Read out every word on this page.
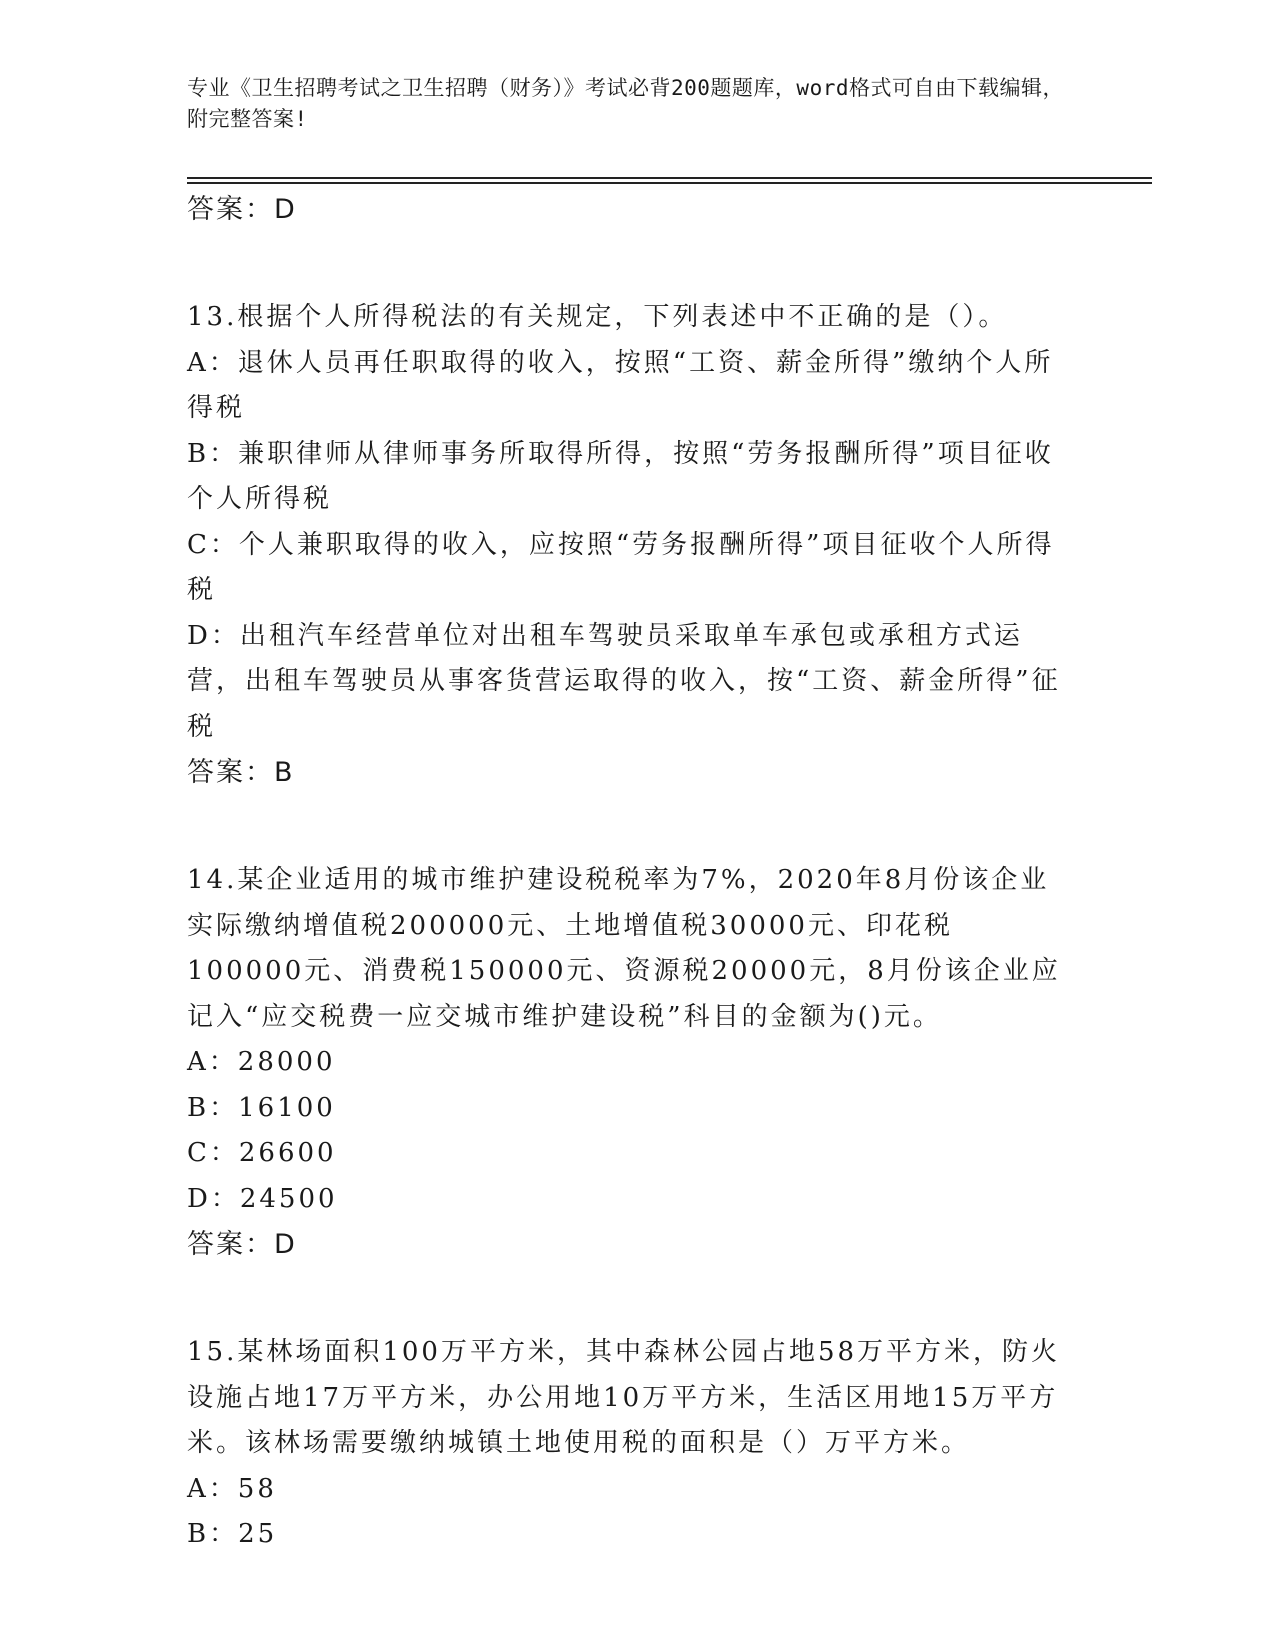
专业《卫生招聘考试之卫生招聘（财务）》考试必背200题题库，word格式可自由下载编辑，附完整答案!
答案：D
13.根据个人所得税法的有关规定，下列表述中不正确的是（）。
A：退休人员再任职取得的收入，按照“工资、薪金所得”缴纳个人所得税
B：兼职律师从律师事务所取得所得，按照“劳务报酬所得”项目征收个人所得税
C：个人兼职取得的收入，应按照“劳务报酬所得”项目征收个人所得税
D：出租汽车经营单位对出租车驾驶员采取单车承包或承租方式运营，出租车驾驶员从事客货营运取得的收入，按“工资、薪金所得”征税
答案：B
14.某企业适用的城市维护建设税税率为7%，2020年8月份该企业实际缴纳增值税200000元、土地增值税30000元、印花税100000元、消费税150000元、资源税20000元，8月份该企业应记入“应交税费一应交城市维护建设税”科目的金额为()元。
A：28000
B：16100
C：26600
D：24500
答案：D
15.某林场面积100万平方米，其中森林公园占地58万平方米，防火设施占地17万平方米，办公用地10万平方米，生活区用地15万平方米。该林场需要缴纳城镇土地使用税的面积是（）万平方米。
A：58
B：25
